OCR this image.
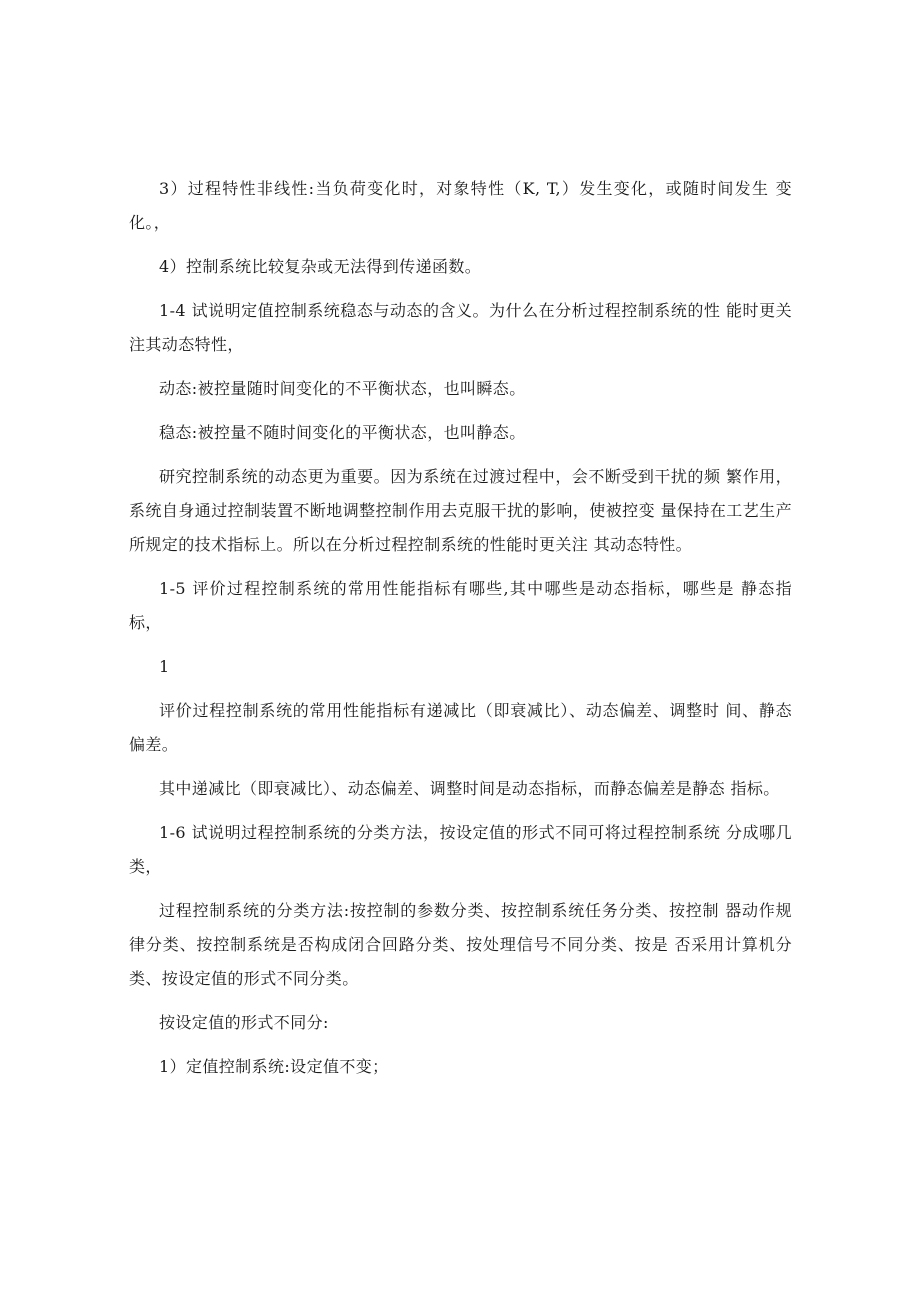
3）过程特性非线性:当负荷变化时，对象特性（K, T,）发生变化，或随时间发生 变化。，

4）控制系统比较复杂或无法得到传递函数。

1-4 试说明定值控制系统稳态与动态的含义。为什么在分析过程控制系统的性 能时更关注其动态特性，

动态:被控量随时间变化的不平衡状态，也叫瞬态。

稳态:被控量不随时间变化的平衡状态，也叫静态。

研究控制系统的动态更为重要。因为系统在过渡过程中，会不断受到干扰的频 繁作用，系统自身通过控制装置不断地调整控制作用去克服干扰的影响，使被控变 量保持在工艺生产所规定的技术指标上。所以在分析过程控制系统的性能时更关注 其动态特性。

1-5 评价过程控制系统的常用性能指标有哪些,其中哪些是动态指标，哪些是 静态指标，

1

评价过程控制系统的常用性能指标有递减比（即衰减比）、动态偏差、调整时 间、静态偏差。

其中递减比（即衰减比）、动态偏差、调整时间是动态指标，而静态偏差是静态 指标。

1-6 试说明过程控制系统的分类方法，按设定值的形式不同可将过程控制系统 分成哪几类，

过程控制系统的分类方法:按控制的参数分类、按控制系统任务分类、按控制 器动作规律分类、按控制系统是否构成闭合回路分类、按处理信号不同分类、按是 否采用计算机分类、按设定值的形式不同分类。

按设定值的形式不同分:

1）定值控制系统:设定值不变；
